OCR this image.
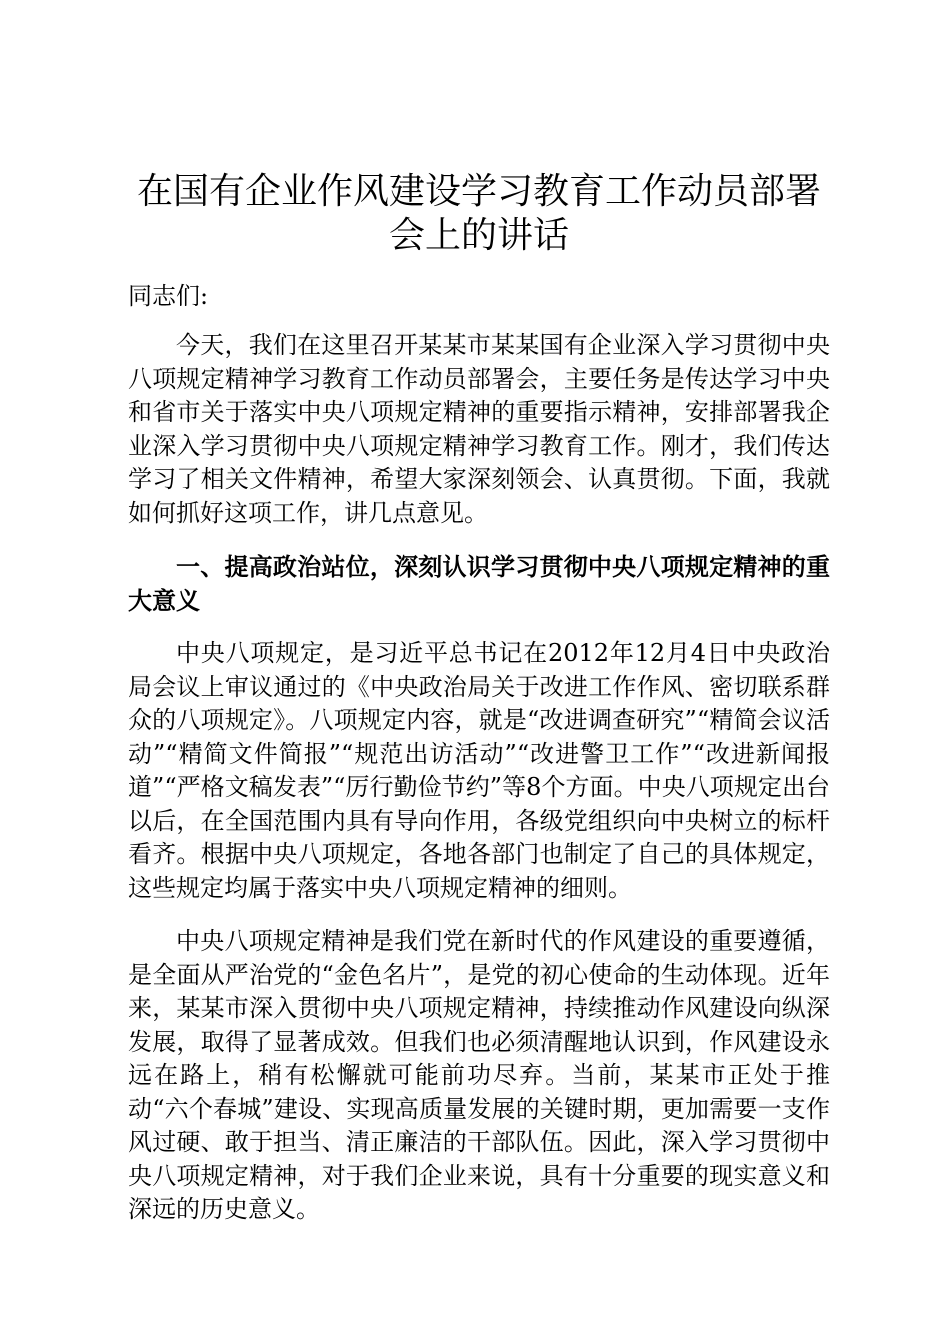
在国有企业作风建设学习教育工作动员部署会上的讲话

同志们:

今天，我们在这里召开某某市某某国有企业深入学习贯彻中央八项规定精神学习教育工作动员部署会，主要任务是传达学习中央和省市关于落实中央八项规定精神的重要指示精神，安排部署我企业深入学习贯彻中央八项规定精神学习教育工作。刚才，我们传达学习了相关文件精神，希望大家深刻领会、认真贯彻。下面，我就如何抓好这项工作，讲几点意见。

一、提高政治站位，深刻认识学习贯彻中央八项规定精神的重大意义

中央八项规定，是习近平总书记在2012年12月4日中央政治局会议上审议通过的《中央政治局关于改进工作作风、密切联系群众的八项规定》。八项规定内容，就是“改进调查研究”“精简会议活动”“精简文件简报”“规范出访活动”“改进警卫工作”“改进新闻报道”“严格文稿发表”“厉行勤俭节约”等8个方面。中央八项规定出台以后，在全国范围内具有导向作用，各级党组织向中央树立的标杆看齐。根据中央八项规定，各地各部门也制定了自己的具体规定，这些规定均属于落实中央八项规定精神的细则。

中央八项规定精神是我们党在新时代的作风建设的重要遵循，是全面从严治党的“金色名片”，是党的初心使命的生动体现。近年来，某某市深入贯彻中央八项规定精神，持续推动作风建设向纵深发展，取得了显著成效。但我们也必须清醒地认识到，作风建设永远在路上，稍有松懈就可能前功尽弃。当前，某某市正处于推动“六个春城”建设、实现高质量发展的关键时期，更加需要一支作风过硬、敢于担当、清正廉洁的干部队伍。因此，深入学习贯彻中央八项规定精神，对于我们企业来说，具有十分重要的现实意义和深远的历史意义。
